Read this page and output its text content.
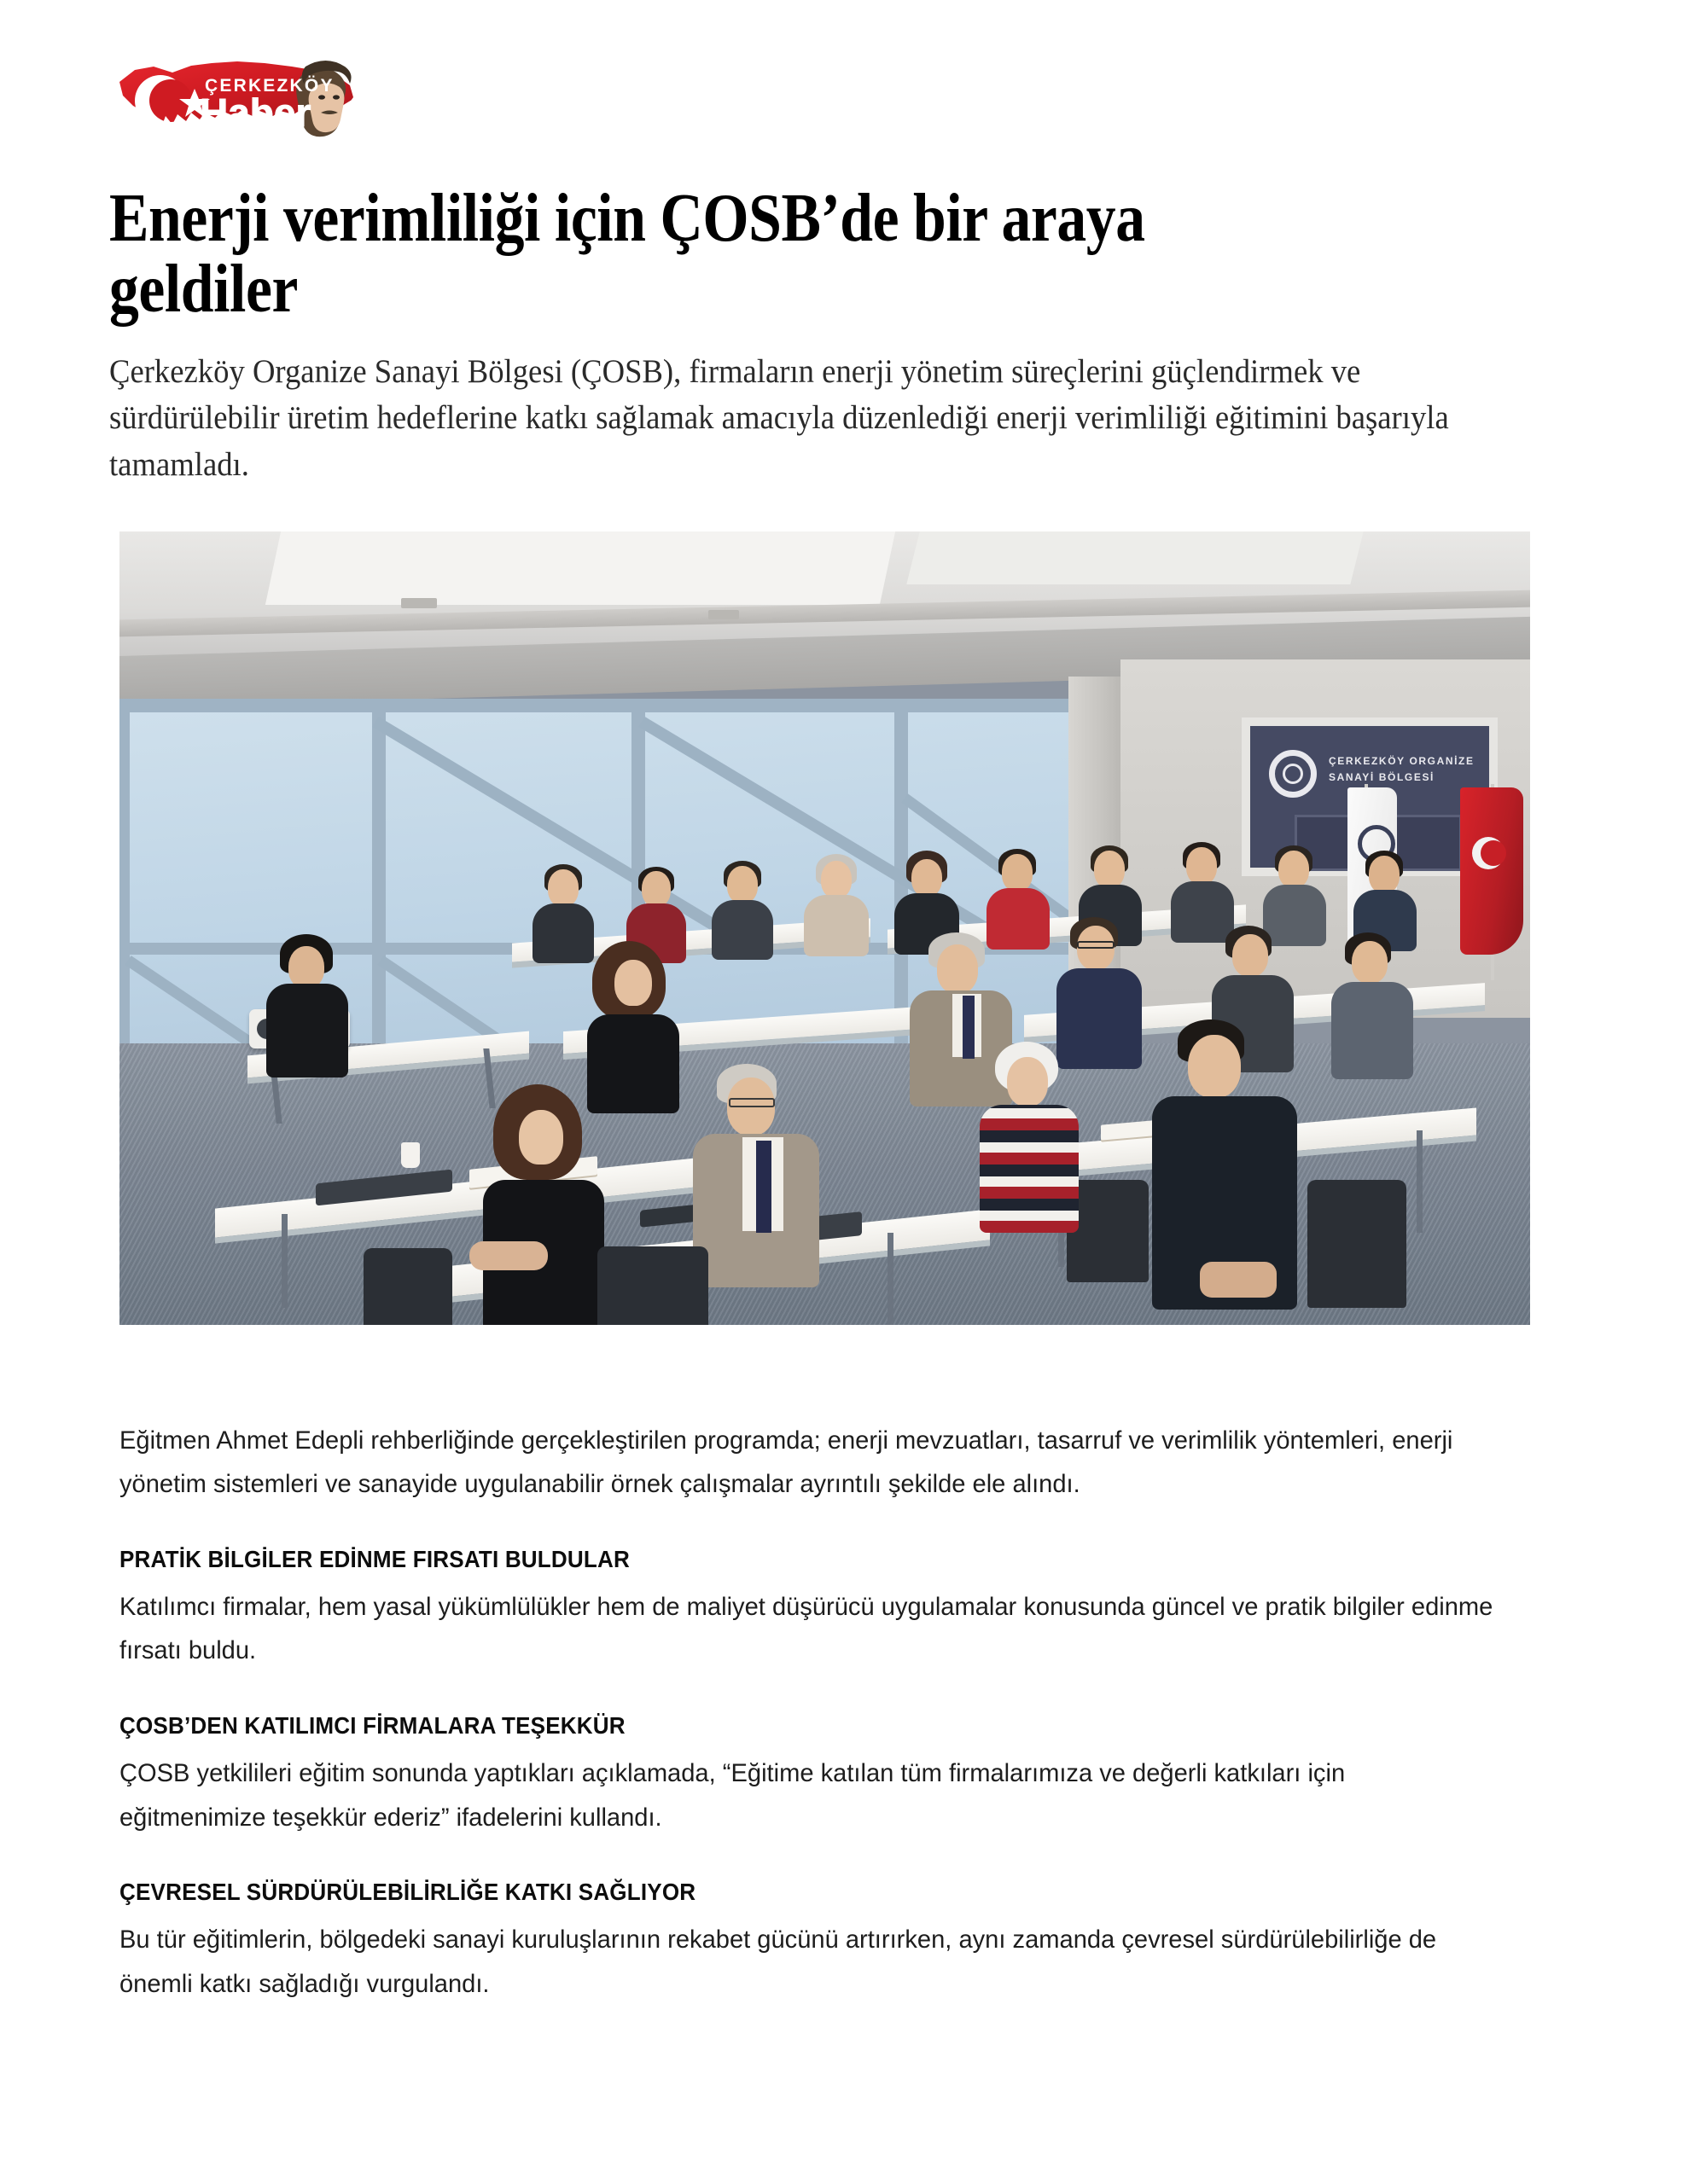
ÇERKEZKÖY
Haber
Enerji verimliliği için ÇOSB’de bir araya geldiler

Çerkezköy Organize Sanayi Bölgesi (ÇOSB), firmaların enerji yönetim süreçlerini güçlendirmek ve sürdürülebilir üretim hedeflerine katkı sağlamak amacıyla düzenlediği enerji verimliliği eğitimini başarıyla tamamladı.

ÇERKEZKÖY ORGANİZE
SANAYİ BÖLGESİ

Eğitmen Ahmet Edepli rehberliğinde gerçekleştirilen programda; enerji mevzuatları, tasarruf ve verimlilik yöntemleri, enerji yönetim sistemleri ve sanayide uygulanabilir örnek çalışmalar ayrıntılı şekilde ele alındı.

PRATİK BİLGİLER EDİNME FIRSATI BULDULAR

Katılımcı firmalar, hem yasal yükümlülükler hem de maliyet düşürücü uygulamalar konusunda güncel ve pratik bilgiler edinme fırsatı buldu.

ÇOSB’DEN KATILIMCI FİRMALARA TEŞEKKÜR

ÇOSB yetkilileri eğitim sonunda yaptıkları açıklamada, “Eğitime katılan tüm firmalarımıza ve değerli katkıları için eğitmenimize teşekkür ederiz” ifadelerini kullandı.

ÇEVRESEL SÜRDÜRÜLEBİLİRLİĞE KATKI SAĞLIYOR

Bu tür eğitimlerin, bölgedeki sanayi kuruluşlarının rekabet gücünü artırırken, aynı zamanda çevresel sürdürülebilirliğe de önemli katkı sağladığı vurgulandı.
